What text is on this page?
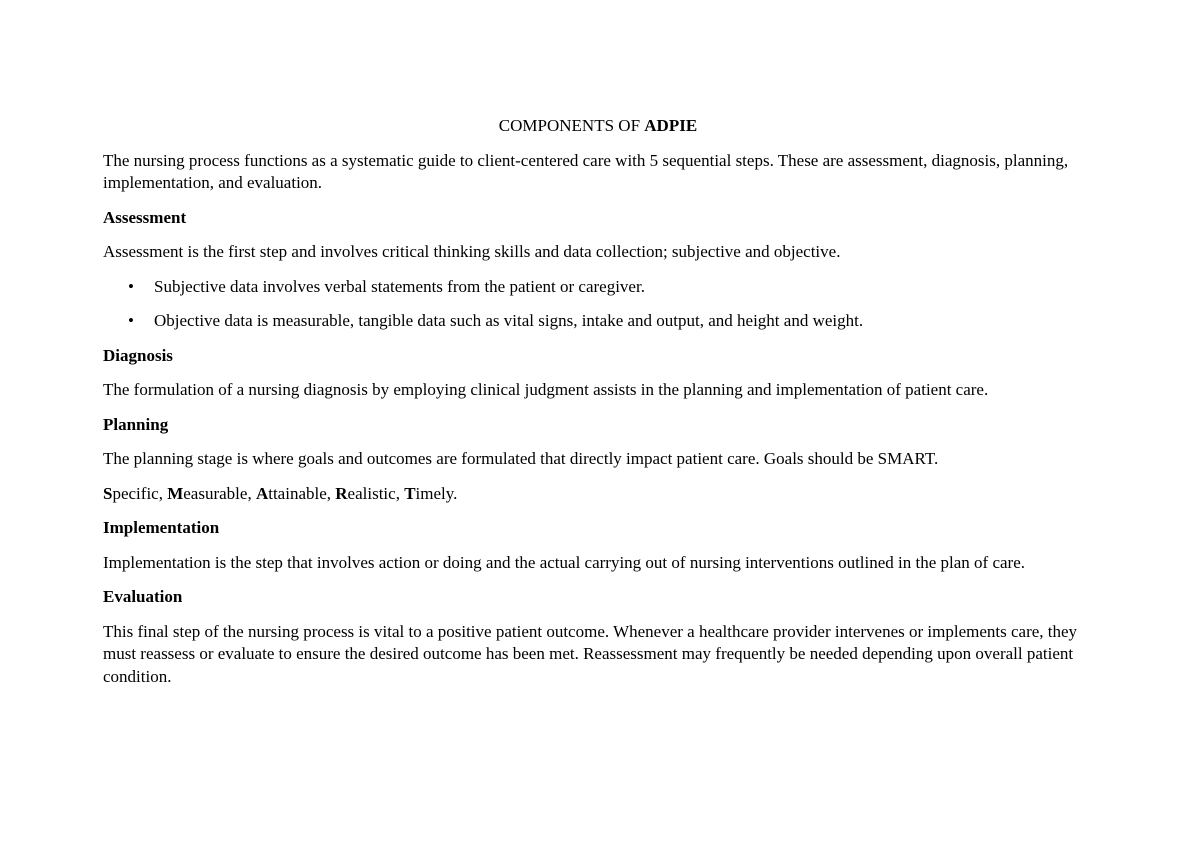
COMPONENTS OF ADPIE

The nursing process functions as a systematic guide to client-centered care with 5 sequential steps. These are assessment, diagnosis, planning, implementation, and evaluation.

Assessment

Assessment is the first step and involves critical thinking skills and data collection; subjective and objective.

• Subjective data involves verbal statements from the patient or caregiver.
• Objective data is measurable, tangible data such as vital signs, intake and output, and height and weight.
Diagnosis

The formulation of a nursing diagnosis by employing clinical judgment assists in the planning and implementation of patient care.

Planning

The planning stage is where goals and outcomes are formulated that directly impact patient care. Goals should be SMART.

Specific, Measurable, Attainable, Realistic, Timely.

Implementation

Implementation is the step that involves action or doing and the actual carrying out of nursing interventions outlined in the plan of care.

Evaluation

This final step of the nursing process is vital to a positive patient outcome. Whenever a healthcare provider intervenes or implements care, they must reassess or evaluate to ensure the desired outcome has been met. Reassessment may frequently be needed depending upon overall patient condition.
